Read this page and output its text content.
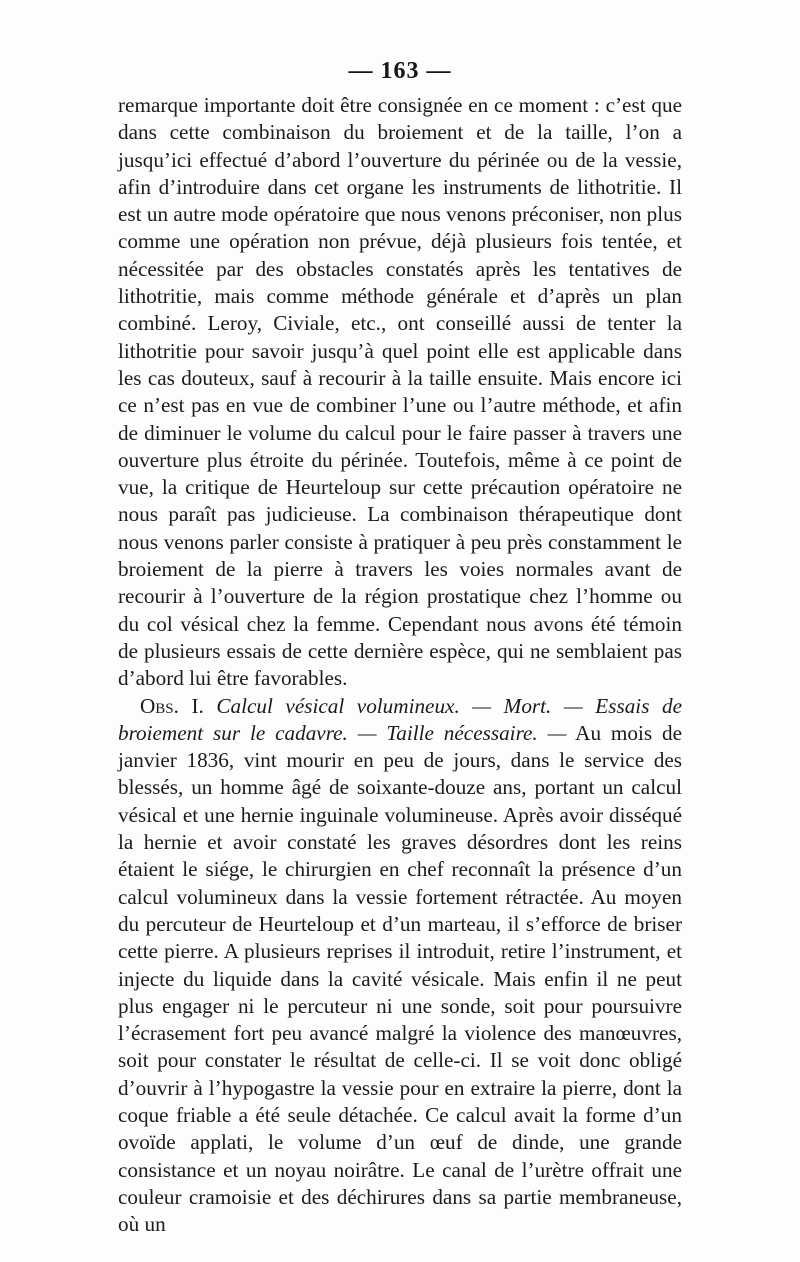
— 163 —

remarque importante doit être consignée en ce moment : c’est que dans cette combinaison du broiement et de la taille, l’on a jusqu’ici effectué d’abord l’ouverture du périnée ou de la vessie, afin d’introduire dans cet organe les instruments de lithotritie. Il est un autre mode opératoire que nous venons préconiser, non plus comme une opération non prévue, déjà plusieurs fois tentée, et nécessitée par des obstacles constatés après les tentatives de lithotritie, mais comme méthode générale et d’après un plan combiné. Leroy, Civiale, etc., ont conseillé aussi de tenter la lithotritie pour savoir jusqu’à quel point elle est applicable dans les cas douteux, sauf à recourir à la taille ensuite. Mais encore ici ce n’est pas en vue de combiner l’une ou l’autre méthode, et afin de diminuer le volume du calcul pour le faire passer à travers une ouverture plus étroite du périnée. Toutefois, même à ce point de vue, la critique de Heurteloup sur cette précaution opératoire ne nous paraît pas judicieuse. La combinaison thérapeutique dont nous venons parler consiste à pratiquer à peu près constamment le broiement de la pierre à travers les voies normales avant de recourir à l’ouverture de la région prostatique chez l’homme ou du col vésical chez la femme. Cependant nous avons été témoin de plusieurs essais de cette dernière espèce, qui ne semblaient pas d’abord lui être favorables.

Obs. I. Calcul vésical volumineux. — Mort. — Essais de broiement sur le cadavre. — Taille nécessaire. — Au mois de janvier 1836, vint mourir en peu de jours, dans le service des blessés, un homme âgé de soixante-douze ans, portant un calcul vésical et une hernie inguinale volumineuse. Après avoir disséqué la hernie et avoir constaté les graves désordres dont les reins étaient le siége, le chirurgien en chef reconnaît la présence d’un calcul volumineux dans la vessie fortement rétractée. Au moyen du percuteur de Heurteloup et d’un marteau, il s’efforce de briser cette pierre. A plusieurs reprises il introduit, retire l’instrument, et injecte du liquide dans la cavité vésicale. Mais enfin il ne peut plus engager ni le percuteur ni une sonde, soit pour poursuivre l’écrasement fort peu avancé malgré la violence des manœuvres, soit pour constater le résultat de celle-ci. Il se voit donc obligé d’ouvrir à l’hypogastre la vessie pour en extraire la pierre, dont la coque friable a été seule détachée. Ce calcul avait la forme d’un ovoïde applati, le volume d’un œuf de dinde, une grande consistance et un noyau noirâtre. Le canal de l’urètre offrait une couleur cramoisie et des déchirures dans sa partie membraneuse, où un
